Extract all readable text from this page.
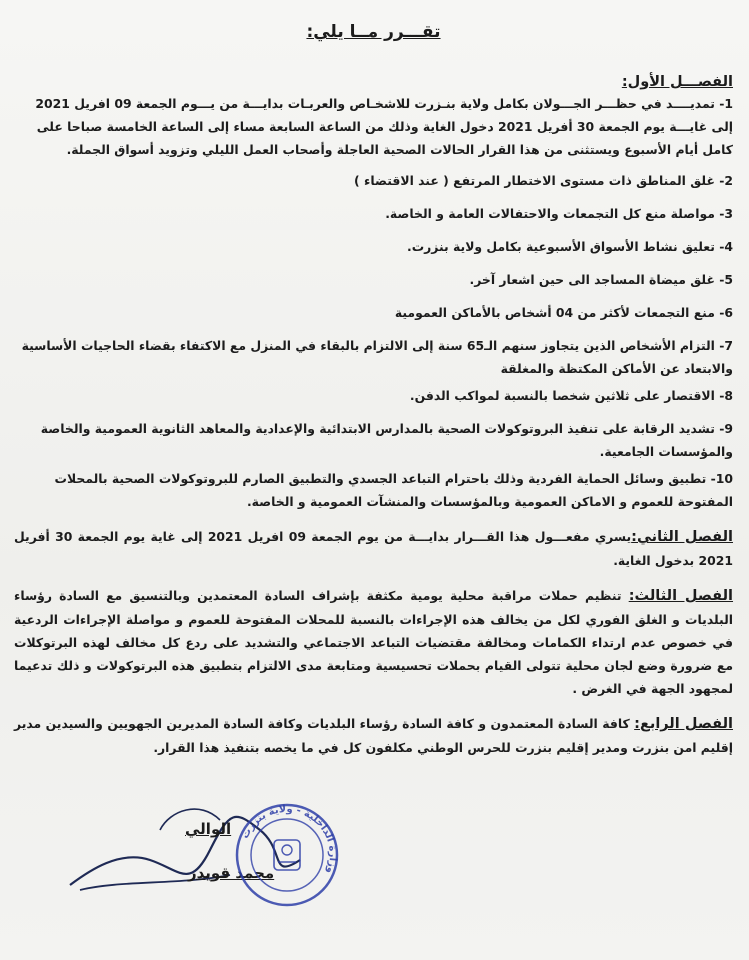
تقـــرر مــا يلي:
الفصـــل الأول:

1- تمديــــد في حظـــر الجـــولان بكامل ولاية بنـزرت للاشخـاص والعربـات بدايـــة من يـــوم الجمعة 09 افريل 2021 إلى غايـــة يوم الجمعة 30 أفريل 2021 دخول الغاية وذلك من الساعة السابعة مساء إلى الساعة الخامسة صباحا على كامل أيام الأسبوع ويستثنى من هذا القرار الحالات الصحية العاجلة وأصحاب العمل الليلي وتزويد أسواق الجملة.

2- غلق المناطق ذات مستوى الاختطار المرتفع ( عند الاقتضاء )

3- مواصلة منع كل التجمعات والاحتفالات العامة و الخاصة.

4- تعليق نشاط الأسواق الأسبوعية بكامل ولاية بنزرت.

5- غلق ميضاة المساجد الى حين اشعار آخر.

6- منع التجمعات لأكثر من 04 أشخاص بالأماكن العمومية

7- التزام الأشخاص الذين يتجاوز سنهم الـ65 سنة إلى الالتزام بالبقاء في المنزل مع الاكتفاء بقضاء الحاجيات الأساسية والابتعاد عن الأماكن المكتظة والمغلقة

8- الاقتصار على ثلاثين شخصا بالنسبة لمواكب الدفن.

9- تشديد الرقابة على تنفيذ البروتوكولات الصحية بالمدارس الابتدائية والإعدادية والمعاهد الثانوية العمومية والخاصة والمؤسسات الجامعية.

10- تطبيق وسائل الحماية الفردية وذلك باحترام التباعد الجسدي والتطبيق الصارم للبروتوكولات الصحية بالمحلات المفتوحة للعموم و الاماكن العمومية وبالمؤسسات والمنشآت العمومية و الخاصة.

الفصل الثاني:يسري مفعـــول هذا القـــرار بدايـــة من يوم الجمعة 09 افريل 2021 إلى غاية يوم الجمعة 30 أفريل 2021 بدخول الغاية.
الفصل الثالث: تنظيم حملات مراقبة محلية يومية مكثفة بإشراف السادة المعتمدين وبالتنسيق مع السادة رؤساء البلديات و الغلق الفوري لكل من يخالف هذه الإجراءات بالنسبة للمحلات المفتوحة للعموم و مواصلة الإجراءات الردعية في خصوص عدم ارتداء الكمامات ومخالفة مقتضيات التباعد الاجتماعي والتشديد على ردع كل مخالف لهذه البرتوكلات مع ضرورة وضع لجان محلية تتولى القيام بحملات تحسيسية ومتابعة مدى الالتزام بتطبيق هذه البرتوكولات و ذلك تدعيما لمجهود الجهة في الغرض .
الفصل الرابع: كافة السادة المعتمدون و كافة السادة رؤساء البلديات وكافة السادة المديرين الجهويين والسيدين مدير إقليم امن بنزرت ومدير إقليم بنزرت للحرس الوطني مكلفون كل في ما يخصه بتنفيذ هذا القرار.
الوالي
محمد قويدر
وزارة الداخلية - ولاية بنزرت
